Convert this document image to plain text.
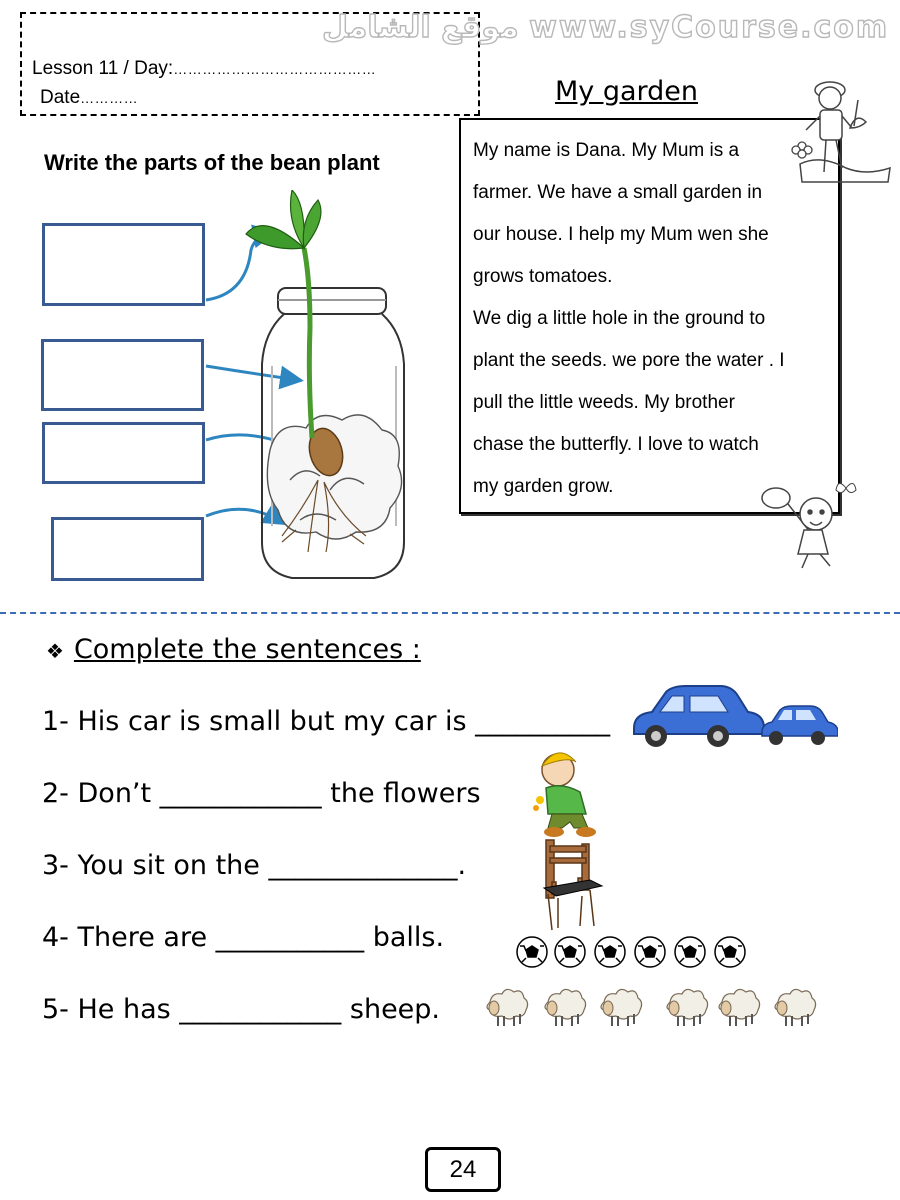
موقع الشامل www.syCourse.com
Lesson 11 / Day:……………………………………
Date…………	My garden

My name is Dana. My Mum is a

farmer. We have a small garden in

our house. I help my Mum wen she

grows tomatoes.

We dig a little hole in the ground to

plant the seeds. we pore the water . I

pull the little weeds. My brother

chase the butterfly. I love to watch

my garden grow.

Write the parts of the bean plant
❖ Complete the sentences :
1- His car is small but my car is __________
2- Don’t ____________ the flowers
3- You sit on the ______________.
4- There are ___________ balls.
5- He has ____________ sheep.
24
